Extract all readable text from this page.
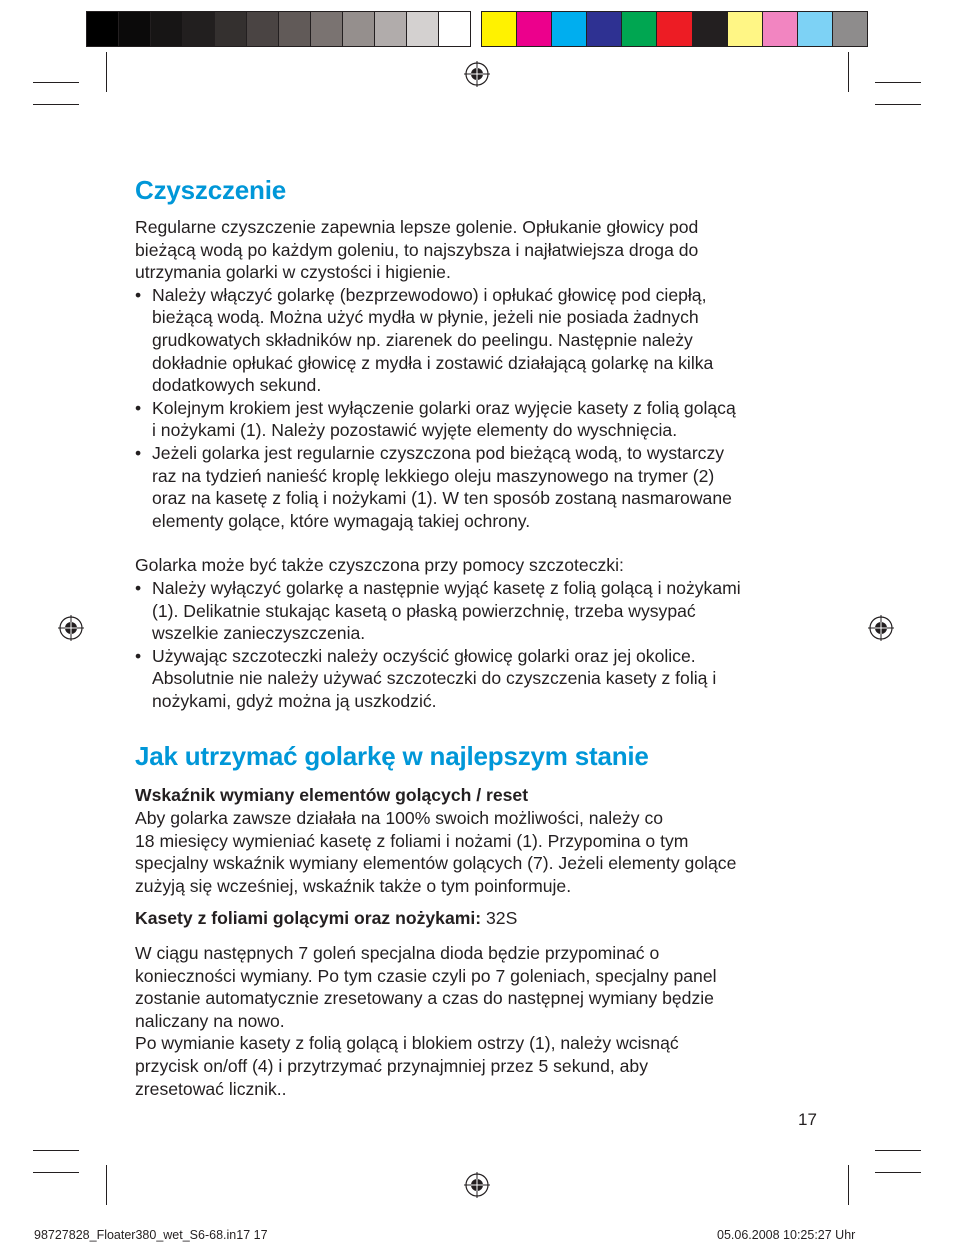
Czyszczenie

Regularne czyszczenie zapewnia lepsze golenie. Opłukanie głowicy pod
bieżącą wodą po każdym goleniu, to najszybsza i najłatwiejsza droga do
utrzymania golarki w czystości i higienie.

• Należy włączyć golarkę (bezprzewodowo) i opłukać głowicę pod ciepłą,
bieżącą wodą. Można użyć mydła w płynie, jeżeli nie posiada żadnych
grudkowatych składników np. ziarenek do peelingu. Następnie należy
dokładnie opłukać głowicę z mydła i zostawić działającą golarkę na kilka
dodatkowych sekund.
• Kolejnym krokiem jest wyłączenie golarki oraz wyjęcie kasety z folią golącą
i nożykami (1). Należy pozostawić wyjęte elementy do wyschnięcia.
• Jeżeli golarka jest regularnie czyszczona pod bieżącą wodą, to wystarczy
raz na tydzień nanieść kroplę lekkiego oleju maszynowego na trymer (2)
oraz na kasetę z folią i nożykami (1). W ten sposób zostaną nasmarowane
elementy golące, które wymagają takiej ochrony.

Golarka może być także czyszczona przy pomocy szczoteczki:

• Należy wyłączyć golarkę a następnie wyjąć kasetę z folią golącą i nożykami
(1). Delikatnie stukając kasetą o płaską powierzchnię, trzeba wysypać
wszelkie zanieczyszczenia.
• Używając szczoteczki należy oczyścić głowicę golarki oraz jej okolice.
Absolutnie nie należy używać szczoteczki do czyszczenia kasety z folią i
nożykami, gdyż można ją uszkodzić.
Jak utrzymać golarkę w najlepszym stanie

Wskaźnik wymiany elementów golących / reset

Aby golarka zawsze działała na 100% swoich możliwości, należy co
18 miesięcy wymieniać kasetę z foliami i nożami (1). Przypomina o tym
specjalny wskaźnik wymiany elementów golących (7). Jeżeli elementy golące
zużyją się wcześniej, wskaźnik także o tym poinformuje.

Kasety z foliami golącymi oraz nożykami: 32S

W ciągu następnych 7 goleń specjalna dioda będzie przypominać o
konieczności wymiany. Po tym czasie czyli po 7 goleniach, specjalny panel
zostanie automatycznie zresetowany a czas do następnej wymiany będzie
naliczany na nowo.

Po wymianie kasety z folią golącą i blokiem ostrzy (1), należy wcisnąć
przycisk on/off (4) i przytrzymać przynajmniej przez 5 sekund, aby
zresetować licznik..

17
98727828_Floater380_wet_S6-68.in17 17	05.06.2008 10:25:27 Uhr
